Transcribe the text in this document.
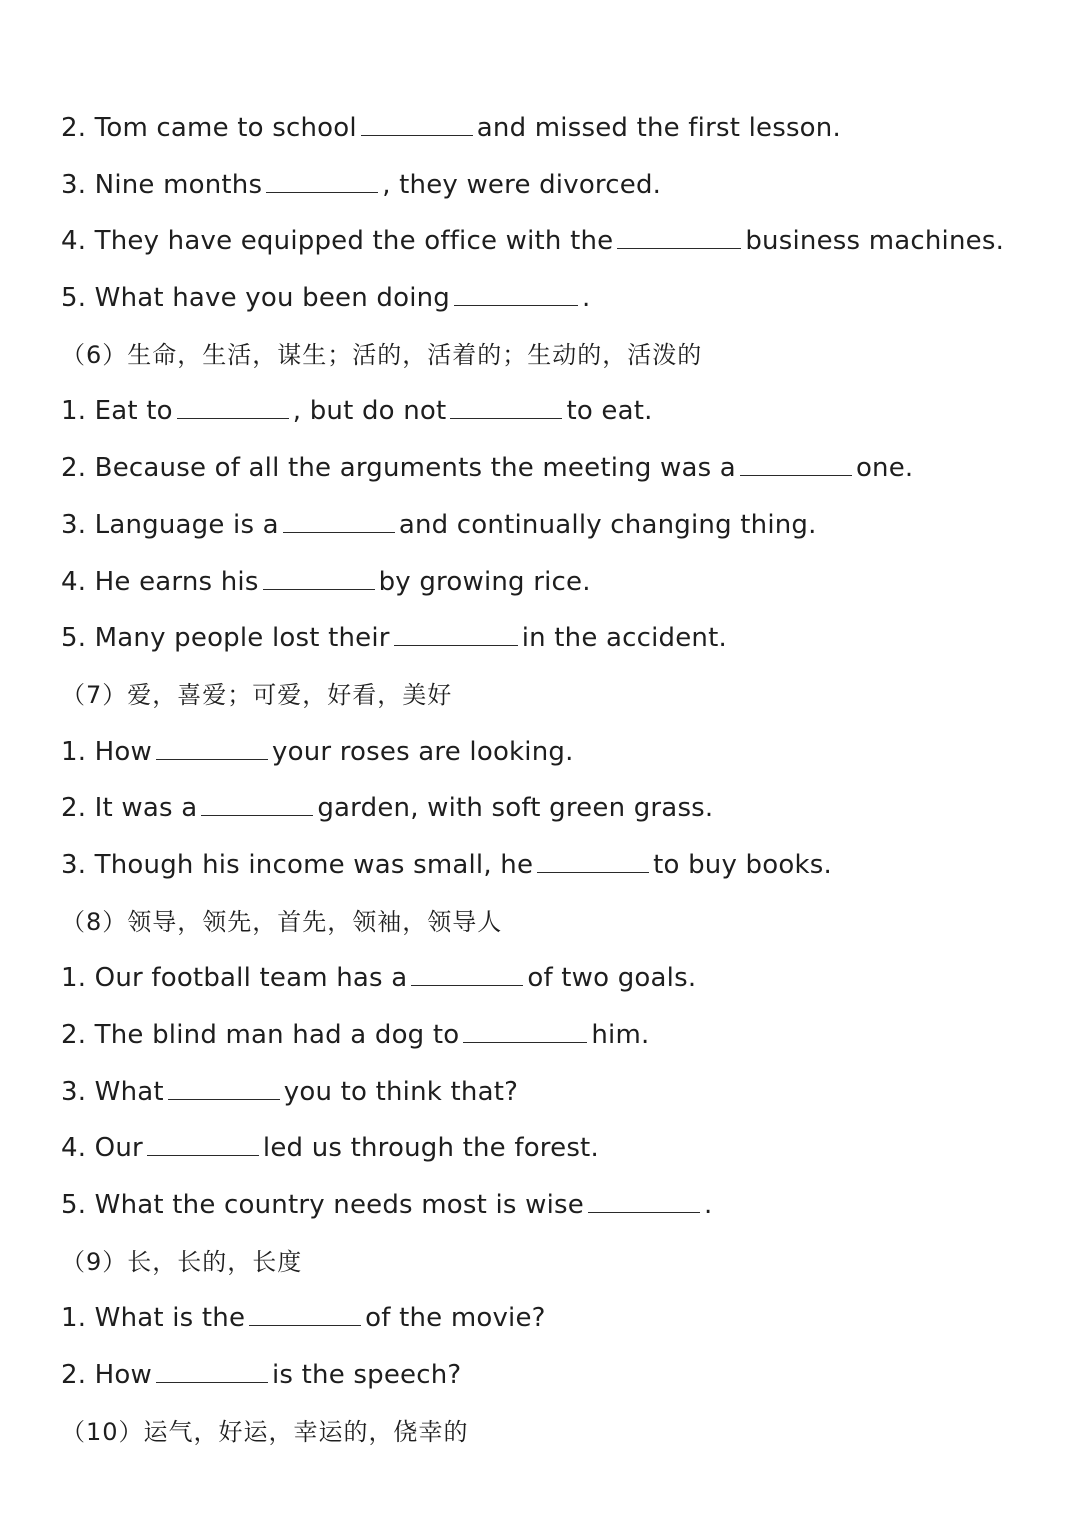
2. Tom came to school	and missed the first lesson.
3. Nine months	, they were divorced.
4. They have equipped the office with the	business machines.
5. What have you been doing	.
（6）生命，生活，谋生；活的，活着的；生动的，活泼的
1. Eat to	, but do not	to eat.
2. Because of all the arguments the meeting was a	one.
3. Language is a	and continually changing thing.
4. He earns his	by growing rice.
5. Many people lost their	in the accident.
（7）爱，喜爱；可爱，好看，美好
1. How	your roses are looking.
2. It was a	garden, with soft green grass.
3. Though his income was small, he	to buy books.
（8）领导，领先，首先，领袖，领导人
1. Our football team has a	of two goals.
2. The blind man had a dog to	him.
3. What	you to think that?
4. Our	led us through the forest.
5. What the country needs most is wise	.
（9）长，长的，长度
1. What is the	of the movie?
2. How	is the speech?
（10）运气，好运，幸运的，侥幸的
